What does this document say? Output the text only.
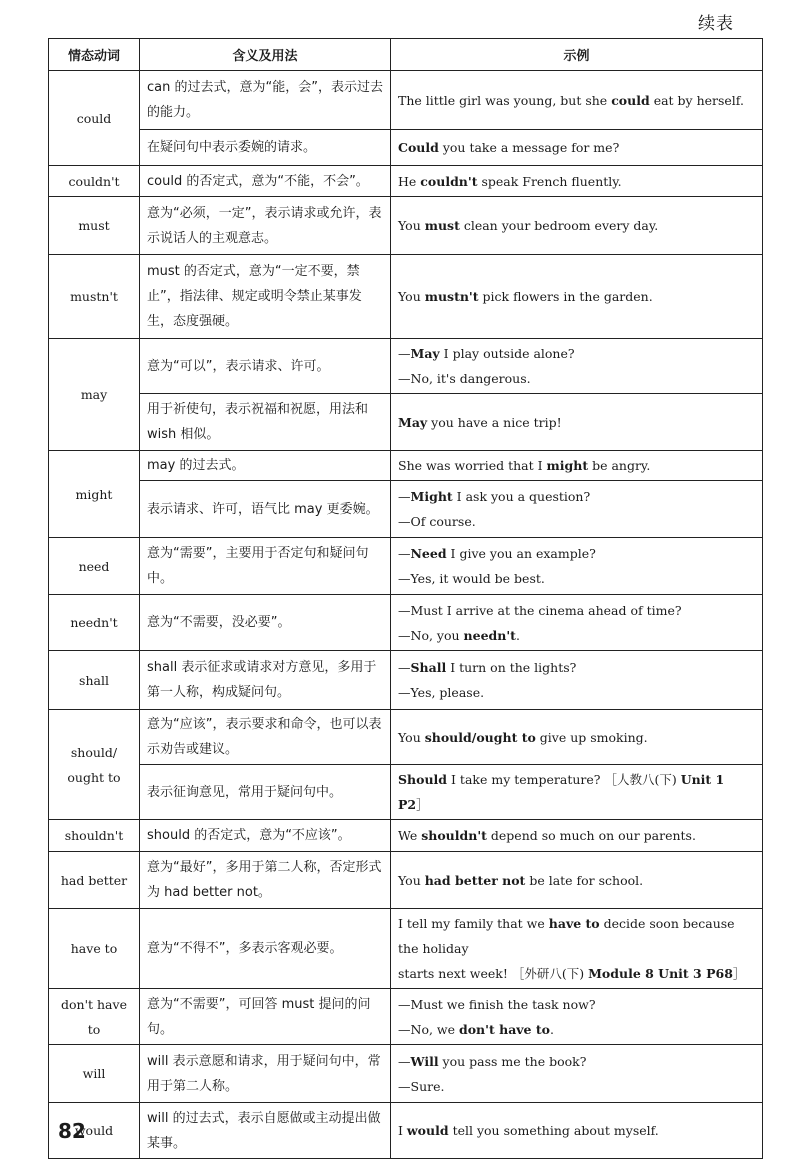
续表
情态动词	含义及用法	示例
could	can 的过去式，意为“能，会”，表示过去的能力。	The little girl was young, but she could eat by herself.

	在疑问句中表示委婉的请求。	Could you take a message for me?

couldn't	could 的否定式，意为“不能，不会”。	He couldn't speak French fluently.

must	意为“必须，一定”，表示请求或允许，表示说话人的主观意志。	You must clean your bedroom every day.

mustn't	must 的否定式，意为“一定不要，禁止”，指法律、规定或明令禁止某事发生，态度强硬。	You mustn't pick flowers in the garden.

may	意为“可以”，表示请求、许可。	—May I play outside alone?
—No, it's dangerous.

	用于祈使句，表示祝福和祝愿，用法和 wish 相似。	May you have a nice trip!

might	may 的过去式。	She was worried that I might be angry.

	表示请求、许可，语气比 may 更委婉。	—Might I ask you a question?
—Of course.

need	意为“需要”，主要用于否定句和疑问句中。	—Need I give you an example?
—Yes, it would be best.

needn't	意为“不需要，没必要”。	—Must I arrive at the cinema ahead of time?
—No, you needn't.

shall	shall 表示征求或请求对方意见，多用于第一人称，构成疑问句。	—Shall I turn on the lights?
—Yes, please.

should/ ought to	意为“应该”，表示要求和命令，也可以表示劝告或建议。	You should/ought to give up smoking.

	表示征询意见，常用于疑问句中。	Should I take my temperature? ［人教八(下) Unit 1 P2］

shouldn't	should 的否定式，意为“不应该”。	We shouldn't depend so much on our parents.

had better	意为“最好”，多用于第二人称，否定形式为 had better not。	You had better not be late for school.

have to	意为“不得不”，多表示客观必要。	I tell my family that we have to decide soon because the holiday
starts next week! ［外研八(下) Module 8 Unit 3 P68］

don't have to	意为“不需要”，可回答 must 提问的问句。	—Must we finish the task now?
—No, we don't have to.

will	will 表示意愿和请求，用于疑问句中，常用于第二人称。	—Will you pass me the book?
—Sure.

would	will 的过去式，表示自愿做或主动提出做某事。	I would tell you something about myself.
82
